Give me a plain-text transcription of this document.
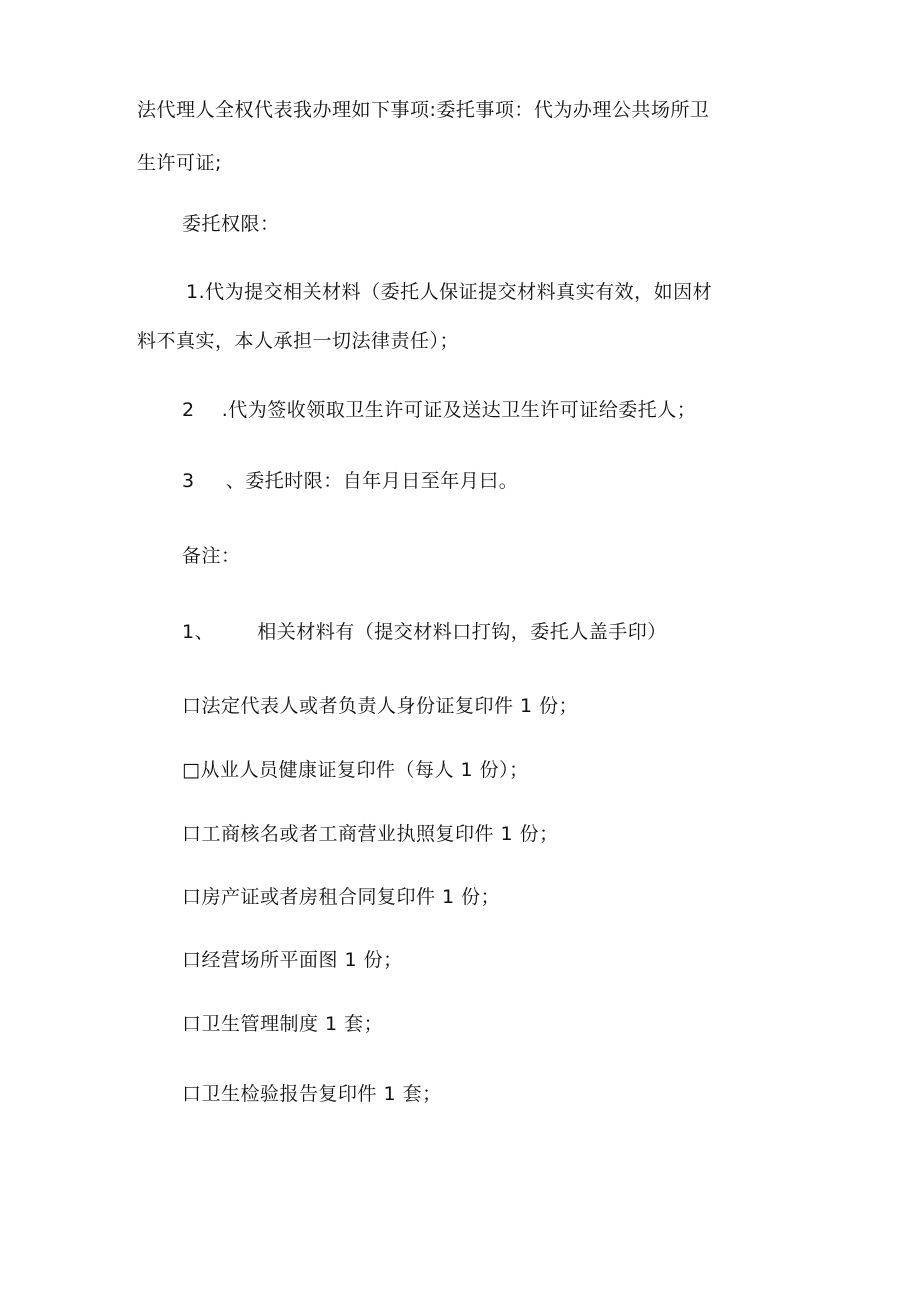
法代理人全权代表我办理如下事项:委托事项：代为办理公共场所卫
生许可证;
委托权限：
1.代为提交相关材料（委托人保证提交材料真实有效，如因材
料不真实，本人承担一切法律责任）；
2 .代为签收领取卫生许可证及送达卫生许可证给委托人；
3 、委托时限：自年月日至年月曰。
备注：
1、 相关材料有（提交材料口打钩，委托人盖手印）
口法定代表人或者负责人身份证复印件 1 份；
□从业人员健康证复印件（每人 1 份）；
口工商核名或者工商营业执照复印件 1 份；
口房产证或者房租合同复印件 1 份；
口经营场所平面图 1 份；
口卫生管理制度 1 套；
口卫生检验报告复印件 1 套；
